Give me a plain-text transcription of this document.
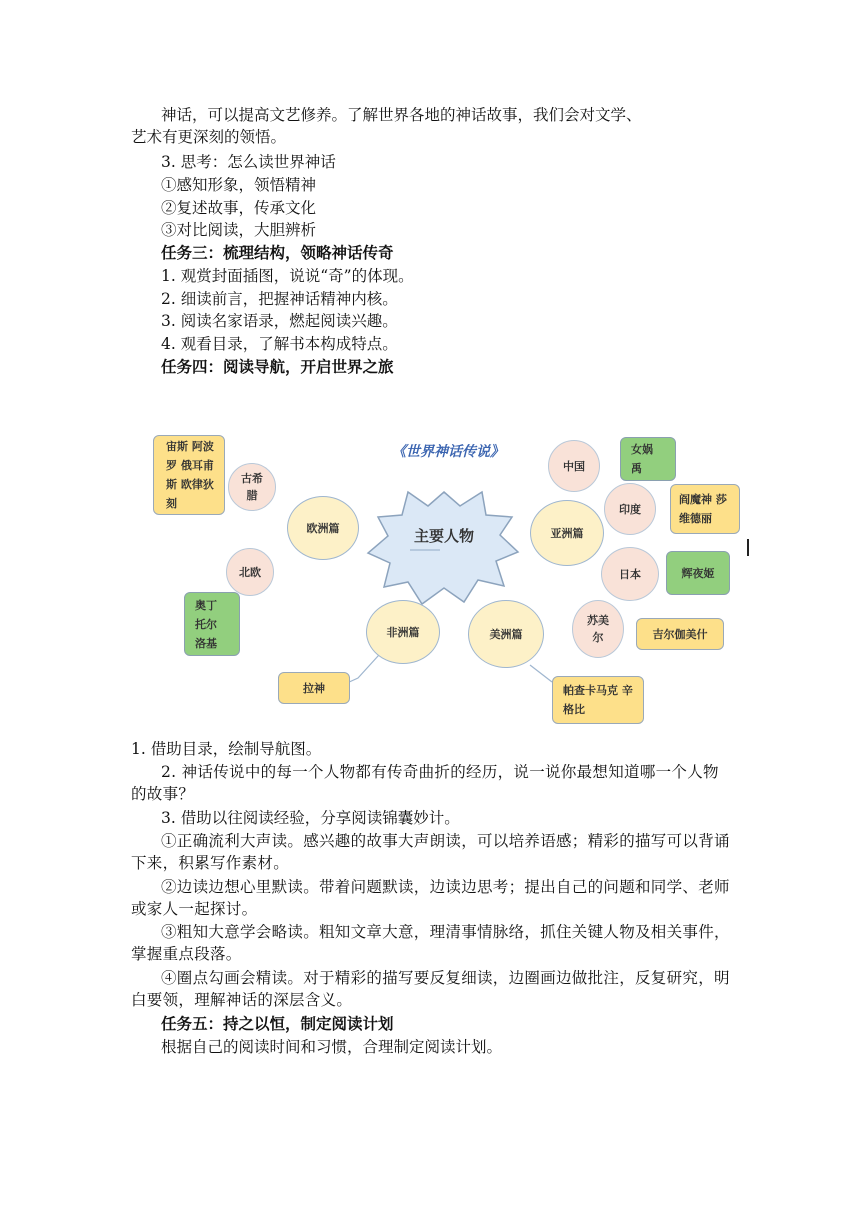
神话，可以提高文艺修养。了解世界各地的神话故事，我们会对文学、
艺术有更深刻的领悟。
3. 思考：怎么读世界神话
①感知形象，领悟精神
②复述故事，传承文化
③对比阅读，大胆辨析
任务三：梳理结构，领略神话传奇
1. 观赏封面插图，说说“奇”的体现。
2. 细读前言，把握神话精神内核。
3. 阅读名家语录，燃起阅读兴趣。
4. 观看目录，了解书本构成特点。
任务四：阅读导航，开启世界之旅
《世界神话传说》
主要人物
宙斯 阿波罗 俄耳甫斯 欧律狄刻
古希腊
欧洲篇
北欧
奥丁 托尔 洛基
非洲篇
拉神
美洲篇
帕查卡马克 辛格比
亚洲篇
中国
女娲 禹
印度
阎魔神 莎维德丽
日本	辉夜姬
苏美尔	吉尔伽美什
1. 借助目录，绘制导航图。
2. 神话传说中的每一个人物都有传奇曲折的经历，说一说你最想知道哪一个人物的故事？
3. 借助以往阅读经验，分享阅读锦囊妙计。
①正确流利大声读。感兴趣的故事大声朗读，可以培养语感；精彩的描写可以背诵下来，积累写作素材。
②边读边想心里默读。带着问题默读，边读边思考；提出自己的问题和同学、老师或家人一起探讨。
③粗知大意学会略读。粗知文章大意，理清事情脉络，抓住关键人物及相关事件，掌握重点段落。
④圈点勾画会精读。对于精彩的描写要反复细读，边圈画边做批注，反复研究，明白要领，理解神话的深层含义。
任务五：持之以恒，制定阅读计划
根据自己的阅读时间和习惯，合理制定阅读计划。
